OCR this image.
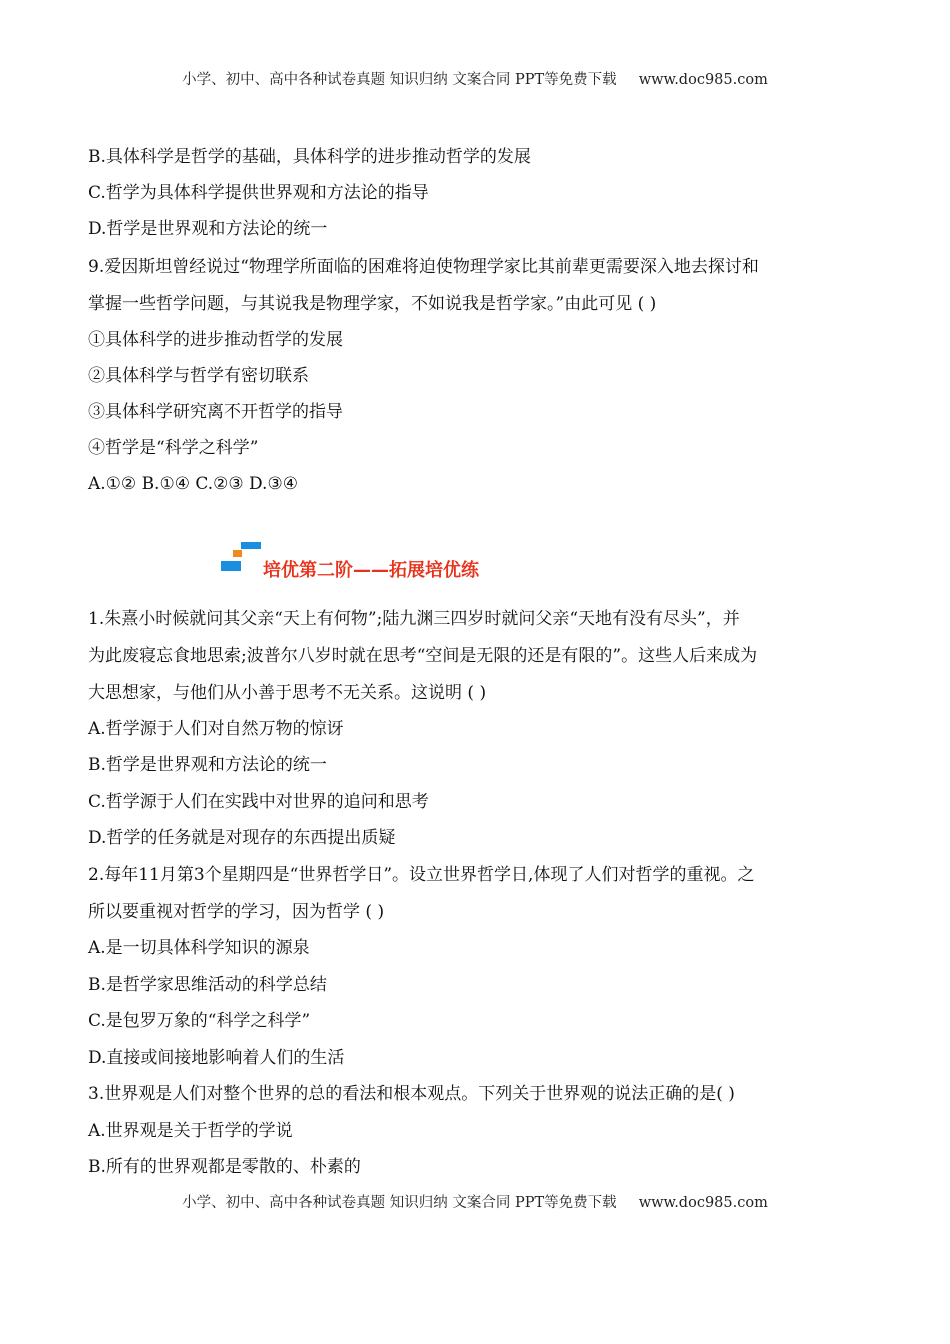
小学、初中、高中各种试卷真题 知识归纳 文案合同 PPT等免费下载 www.doc985.com
B.具体科学是哲学的基础，具体科学的进步推动哲学的发展
C.哲学为具体科学提供世界观和方法论的指导
D.哲学是世界观和方法论的统一
9.爱因斯坦曾经说过“物理学所面临的困难将迫使物理学家比其前辈更需要深入地去探讨和
掌握一些哲学问题，与其说我是物理学家，不如说我是哲学家。”由此可见 ( )
①具体科学的进步推动哲学的发展
②具体科学与哲学有密切联系
③具体科学研究离不开哲学的指导
④哲学是“科学之科学”
A.①② B.①④ C.②③ D.③④
培优第二阶——拓展培优练
1.朱熹小时候就问其父亲“天上有何物”;陆九渊三四岁时就问父亲“天地有没有尽头”，并
为此废寝忘食地思索;波普尔八岁时就在思考“空间是无限的还是有限的”。这些人后来成为
大思想家，与他们从小善于思考不无关系。这说明 ( )
A.哲学源于人们对自然万物的惊讶
B.哲学是世界观和方法论的统一
C.哲学源于人们在实践中对世界的追问和思考
D.哲学的任务就是对现存的东西提出质疑
2.每年11月第3个星期四是“世界哲学日”。设立世界哲学日,体现了人们对哲学的重视。之
所以要重视对哲学的学习，因为哲学 ( )
A.是一切具体科学知识的源泉
B.是哲学家思维活动的科学总结
C.是包罗万象的“科学之科学”
D.直接或间接地影响着人们的生活
3.世界观是人们对整个世界的总的看法和根本观点。下列关于世界观的说法正确的是( )
A.世界观是关于哲学的学说
B.所有的世界观都是零散的、朴素的
小学、初中、高中各种试卷真题 知识归纳 文案合同 PPT等免费下载 www.doc985.com
